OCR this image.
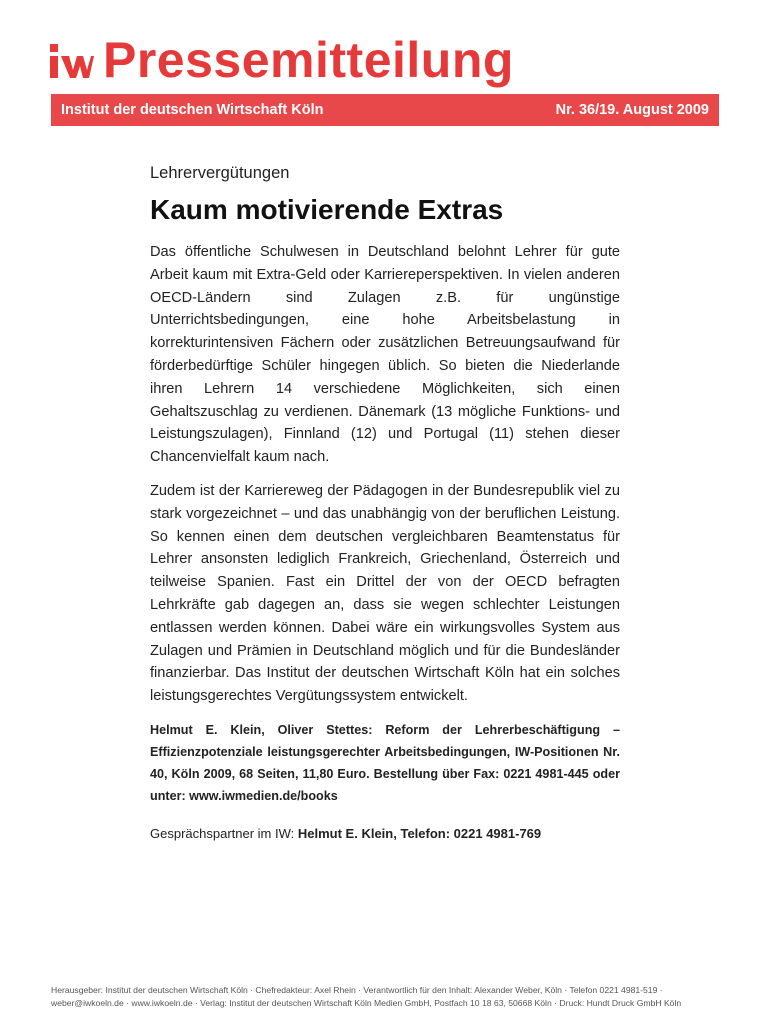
Pressemitteilung
Institut der deutschen Wirtschaft Köln	Nr. 36/19. August 2009
Lehrervergütungen
Kaum motivierende Extras

Das öffentliche Schulwesen in Deutschland belohnt Lehrer für gute Arbeit kaum mit Extra-Geld oder Karriereperspektiven. In vielen anderen OECD-Ländern sind Zulagen z.B. für ungünstige Unterrichtsbedingungen, eine hohe Arbeitsbelastung in korrekturintensiven Fächern oder zusätzlichen Betreuungsaufwand für förderbedürftige Schüler hingegen üblich. So bieten die Niederlande ihren Lehrern 14 verschiedene Möglichkeiten, sich einen Gehaltszuschlag zu verdienen. Dänemark (13 mögliche Funktions- und Leistungszulagen), Finnland (12) und Portugal (11) stehen dieser Chancenvielfalt kaum nach.

Zudem ist der Karriereweg der Pädagogen in der Bundesrepublik viel zu stark vorgezeichnet – und das unabhängig von der beruflichen Leistung. So kennen einen dem deutschen vergleichbaren Beamtenstatus für Lehrer ansonsten lediglich Frankreich, Griechenland, Österreich und teilweise Spanien. Fast ein Drittel der von der OECD befragten Lehrkräfte gab dagegen an, dass sie wegen schlechter Leistungen entlassen werden können. Dabei wäre ein wirkungsvolles System aus Zulagen und Prämien in Deutschland möglich und für die Bundesländer finanzierbar. Das Institut der deutschen Wirtschaft Köln hat ein solches leistungsgerechtes Vergütungssystem entwickelt.

Helmut E. Klein, Oliver Stettes: Reform der Lehrerbeschäftigung – Effizienzpotenziale leistungsgerechter Arbeitsbedingungen, IW-Positionen Nr. 40, Köln 2009, 68 Seiten, 11,80 Euro. Bestellung über Fax: 0221 4981-445 oder unter: www.iwmedien.de/books

Gesprächspartner im IW: Helmut E. Klein, Telefon: 0221 4981-769

Herausgeber: Institut der deutschen Wirtschaft Köln · Chefredakteur: Axel Rhein · Verantwortlich für den Inhalt: Alexander Weber, Köln · Telefon 0221 4981-519 ·
weber@iwkoeln.de · www.iwkoeln.de · Verlag: Institut der deutschen Wirtschaft Köln Medien GmbH, Postfach 10 18 63, 50668 Köln · Druck: Hundt Druck GmbH Köln
